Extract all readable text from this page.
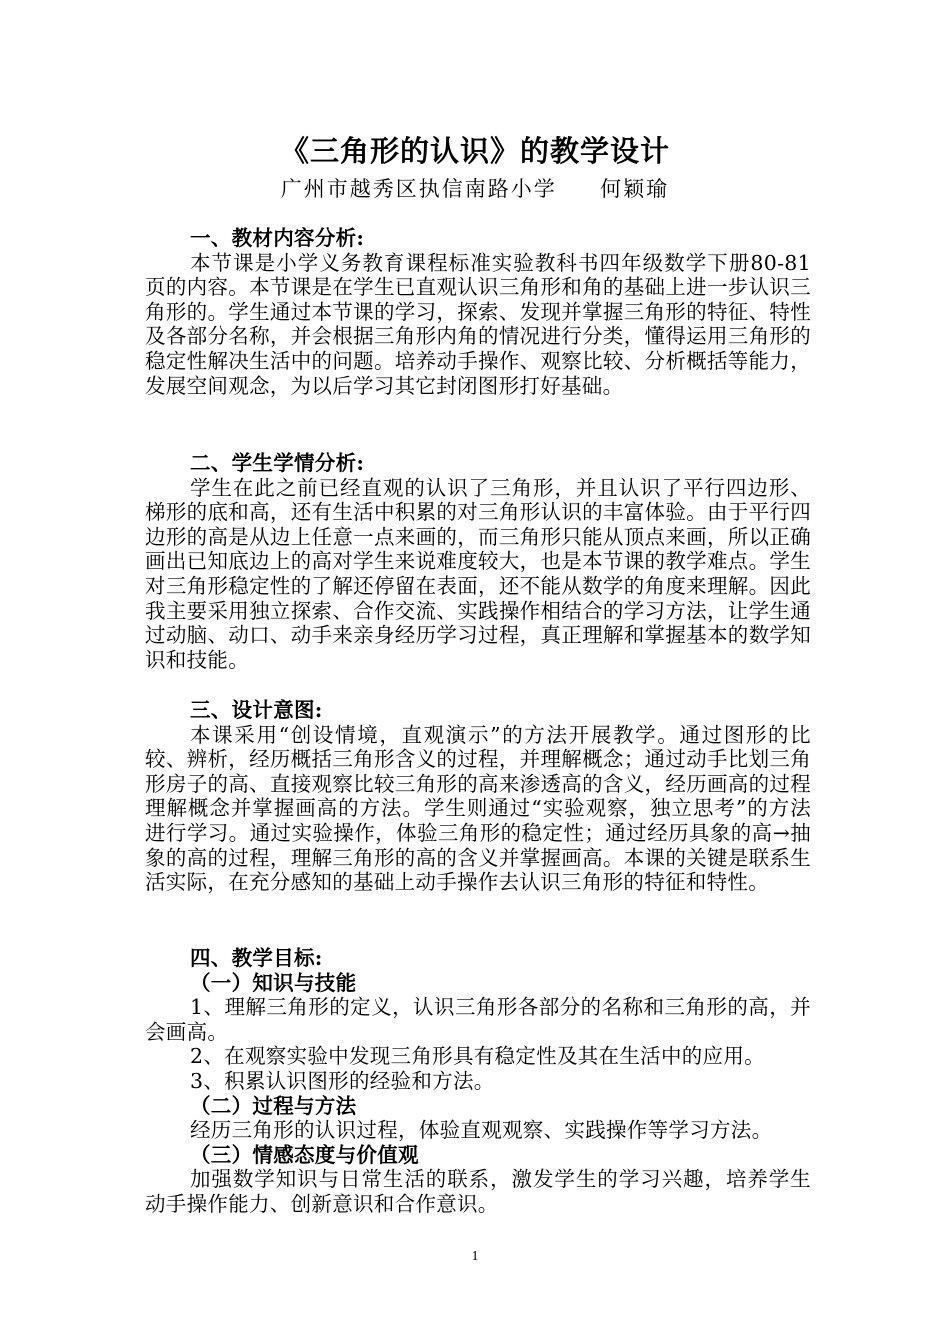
《三角形的认识》的教学设计
广州市越秀区执信南路小学     何颖瑜
一、教材内容分析:

本节课是小学义务教育课程标准实验教科书四年级数学下册80-81页的内容。本节课是在学生已直观认识三角形和角的基础上进一步认识三角形的。学生通过本节课的学习，探索、发现并掌握三角形的特征、特性及各部分名称，并会根据三角形内角的情况进行分类，懂得运用三角形的稳定性解决生活中的问题。培养动手操作、观察比较、分析概括等能力，发展空间观念，为以后学习其它封闭图形打好基础。

二、学生学情分析:

学生在此之前已经直观的认识了三角形，并且认识了平行四边形、梯形的底和高，还有生活中积累的对三角形认识的丰富体验。由于平行四边形的高是从边上任意一点来画的，而三角形只能从顶点来画，所以正确画出已知底边上的高对学生来说难度较大，也是本节课的教学难点。学生对三角形稳定性的了解还停留在表面，还不能从数学的角度来理解。因此我主要采用独立探索、合作交流、实践操作相结合的学习方法，让学生通过动脑、动口、动手来亲身经历学习过程，真正理解和掌握基本的数学知识和技能。

三、设计意图:

本课采用“创设情境，直观演示”的方法开展教学。通过图形的比较、辨析，经历概括三角形含义的过程，并理解概念；通过动手比划三角形房子的高、直接观察比较三角形的高来渗透高的含义，经历画高的过程理解概念并掌握画高的方法。学生则通过“实验观察，独立思考”的方法进行学习。通过实验操作，体验三角形的稳定性；通过经历具象的高→抽象的高的过程，理解三角形的高的含义并掌握画高。本课的关键是联系生活实际，在充分感知的基础上动手操作去认识三角形的特征和特性。

四、教学目标:
（一）知识与技能

1、理解三角形的定义，认识三角形各部分的名称和三角形的高，并会画高。

2、在观察实验中发现三角形具有稳定性及其在生活中的应用。

3、积累认识图形的经验和方法。

（二）过程与方法

经历三角形的认识过程，体验直观观察、实践操作等学习方法。

（三）情感态度与价值观

加强数学知识与日常生活的联系，激发学生的学习兴趣，培养学生动手操作能力、创新意识和合作意识。

1
